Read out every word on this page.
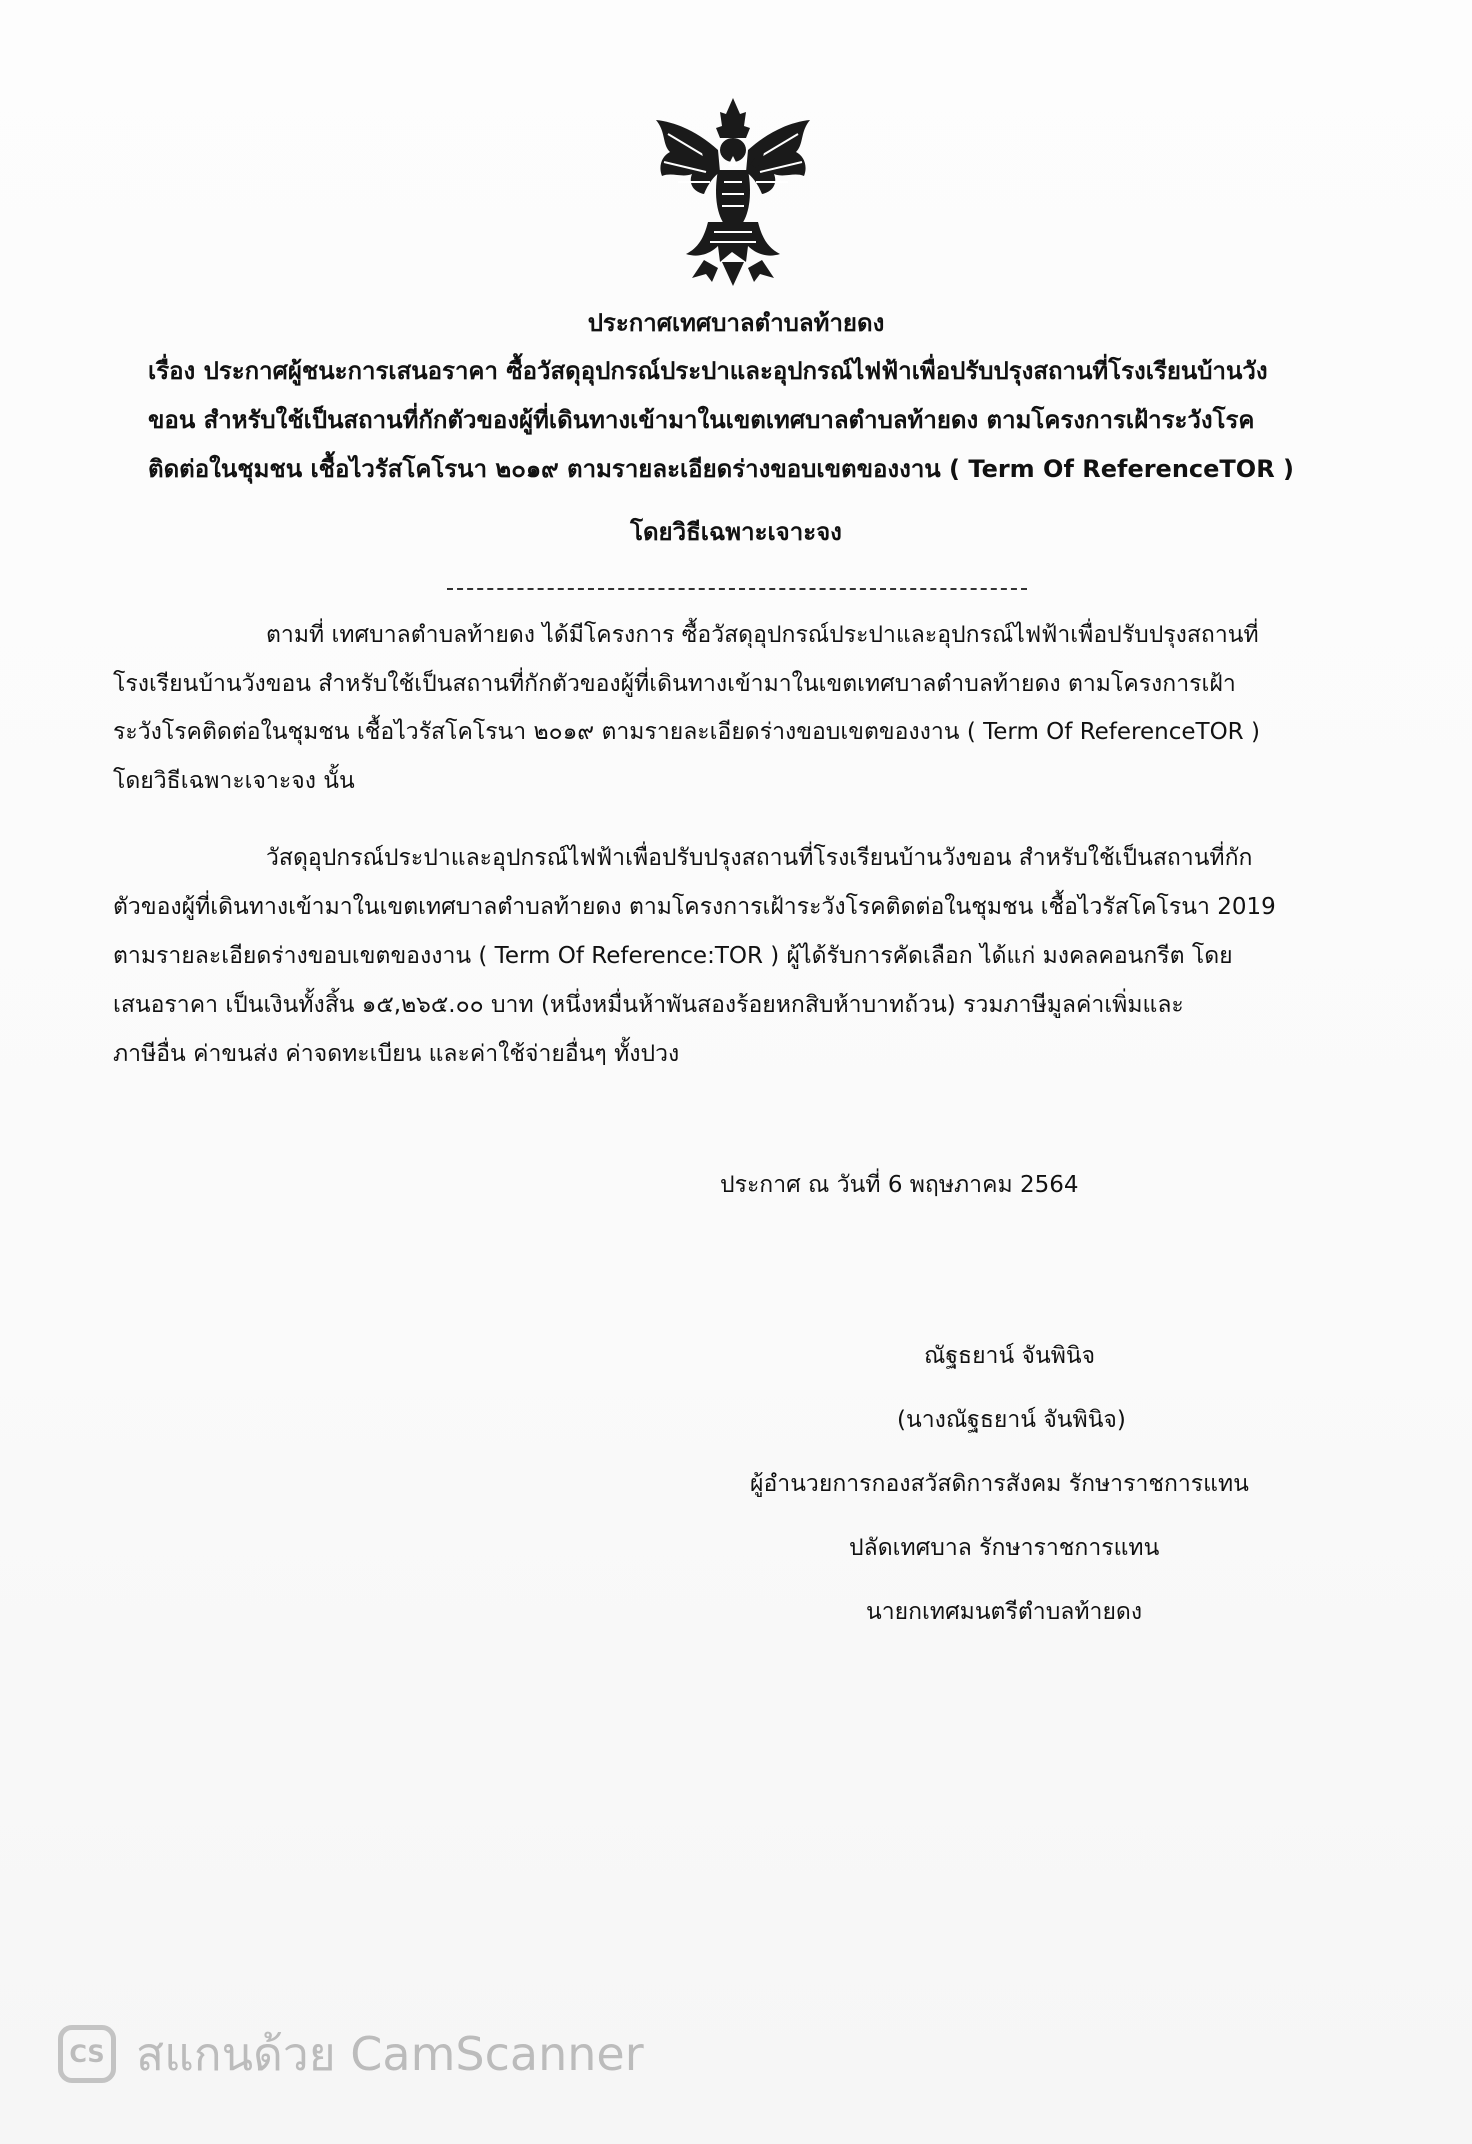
ประกาศเทศบาลตำบลท้ายดง
เรื่อง ประกาศผู้ชนะการเสนอราคา ซื้อวัสดุอุปกรณ์ประปาและอุปกรณ์ไฟฟ้าเพื่อปรับปรุงสถานที่โรงเรียนบ้านวัง
ขอน สำหรับใช้เป็นสถานที่กักตัวของผู้ที่เดินทางเข้ามาในเขตเทศบาลตำบลท้ายดง ตามโครงการเฝ้าระวังโรค
ติดต่อในชุมชน เชื้อไวรัสโคโรนา ๒๐๑๙ ตามรายละเอียดร่างขอบเขตของงาน ( Term Of ReferenceTOR )
โดยวิธีเฉพาะเจาะจง
ตามที่ เทศบาลตำบลท้ายดง ได้มีโครงการ ซื้อวัสดุอุปกรณ์ประปาและอุปกรณ์ไฟฟ้าเพื่อปรับปรุงสถานที่
โรงเรียนบ้านวังขอน สำหรับใช้เป็นสถานที่กักตัวของผู้ที่เดินทางเข้ามาในเขตเทศบาลตำบลท้ายดง ตามโครงการเฝ้า
ระวังโรคติดต่อในชุมชน เชื้อไวรัสโคโรนา ๒๐๑๙ ตามรายละเอียดร่างขอบเขตของงาน ( Term Of ReferenceTOR )
โดยวิธีเฉพาะเจาะจง นั้น
วัสดุอุปกรณ์ประปาและอุปกรณ์ไฟฟ้าเพื่อปรับปรุงสถานที่โรงเรียนบ้านวังขอน สำหรับใช้เป็นสถานที่กัก
ตัวของผู้ที่เดินทางเข้ามาในเขตเทศบาลตำบลท้ายดง ตามโครงการเฝ้าระวังโรคติดต่อในชุมชน เชื้อไวรัสโคโรนา 2019
ตามรายละเอียดร่างขอบเขตของงาน ( Term Of Reference:TOR ) ผู้ได้รับการคัดเลือก ได้แก่ มงคลคอนกรีต โดย
เสนอราคา เป็นเงินทั้งสิ้น ๑๕,๒๖๕.๐๐ บาท (หนึ่งหมื่นห้าพันสองร้อยหกสิบห้าบาทถ้วน) รวมภาษีมูลค่าเพิ่มและ
ภาษีอื่น ค่าขนส่ง ค่าจดทะเบียน และค่าใช้จ่ายอื่นๆ ทั้งปวง
ประกาศ ณ วันที่ 6 พฤษภาคม 2564
ณัฐธยาน์ จันพินิจ
(นางณัฐธยาน์ จันพินิจ)
ผู้อำนวยการกองสวัสดิการสังคม รักษาราชการแทน
ปลัดเทศบาล รักษาราชการแทน
นายกเทศมนตรีตำบลท้ายดง
CS สแกนด้วย CamScanner
